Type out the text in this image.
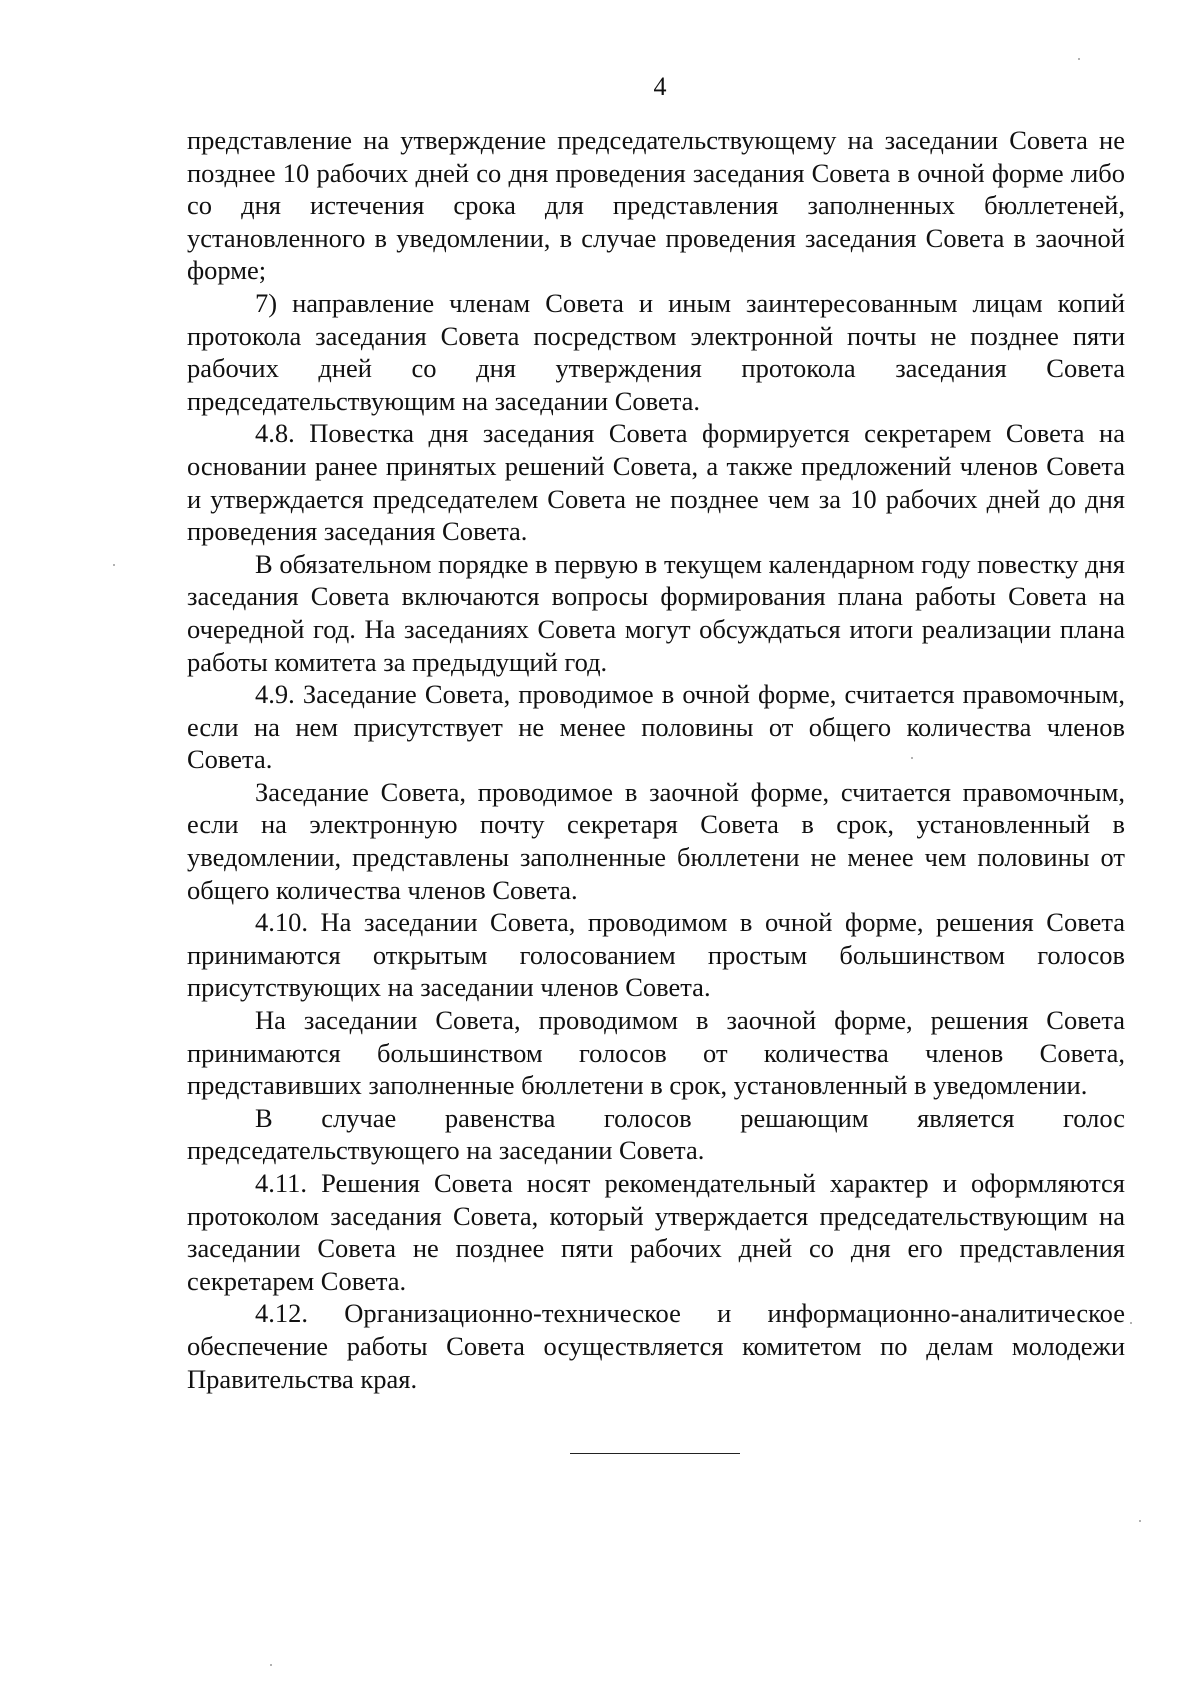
4

представление на утверждение председательствующему на заседании Совета не позднее 10 рабочих дней со дня проведения заседания Совета в очной форме либо со дня истечения срока для представления заполненных бюллетеней, установленного в уведомлении, в случае проведения заседания Совета в заочной форме;

7) направление членам Совета и иным заинтересованным лицам копий протокола заседания Совета посредством электронной почты не позднее пяти рабочих дней со дня утверждения протокола заседания Совета председательствующим на заседании Совета.

4.8. Повестка дня заседания Совета формируется секретарем Совета на основании ранее принятых решений Совета, а также предложений членов Совета и утверждается председателем Совета не позднее чем за 10 рабочих дней до дня проведения заседания Совета.

В обязательном порядке в первую в текущем календарном году повестку дня заседания Совета включаются вопросы формирования плана работы Совета на очередной год. На заседаниях Совета могут обсуждаться итоги реализации плана работы комитета за предыдущий год.

4.9. Заседание Совета, проводимое в очной форме, считается правомочным, если на нем присутствует не менее половины от общего количества членов Совета.

Заседание Совета, проводимое в заочной форме, считается правомочным, если на электронную почту секретаря Совета в срок, установленный в уведомлении, представлены заполненные бюллетени не менее чем половины от общего количества членов Совета.

4.10. На заседании Совета, проводимом в очной форме, решения Совета принимаются открытым голосованием простым большинством голосов присутствующих на заседании членов Совета.

На заседании Совета, проводимом в заочной форме, решения Совета принимаются большинством голосов от количества членов Совета, представивших заполненные бюллетени в срок, установленный в уведомлении.

В случае равенства голосов решающим является голос председательствующего на заседании Совета.

4.11. Решения Совета носят рекомендательный характер и оформляются протоколом заседания Совета, который утверждается председательствующим на заседании Совета не позднее пяти рабочих дней со дня его представления секретарем Совета.

4.12. Организационно-техническое и информационно-аналитическое обеспечение работы Совета осуществляется комитетом по делам молодежи Правительства края.
